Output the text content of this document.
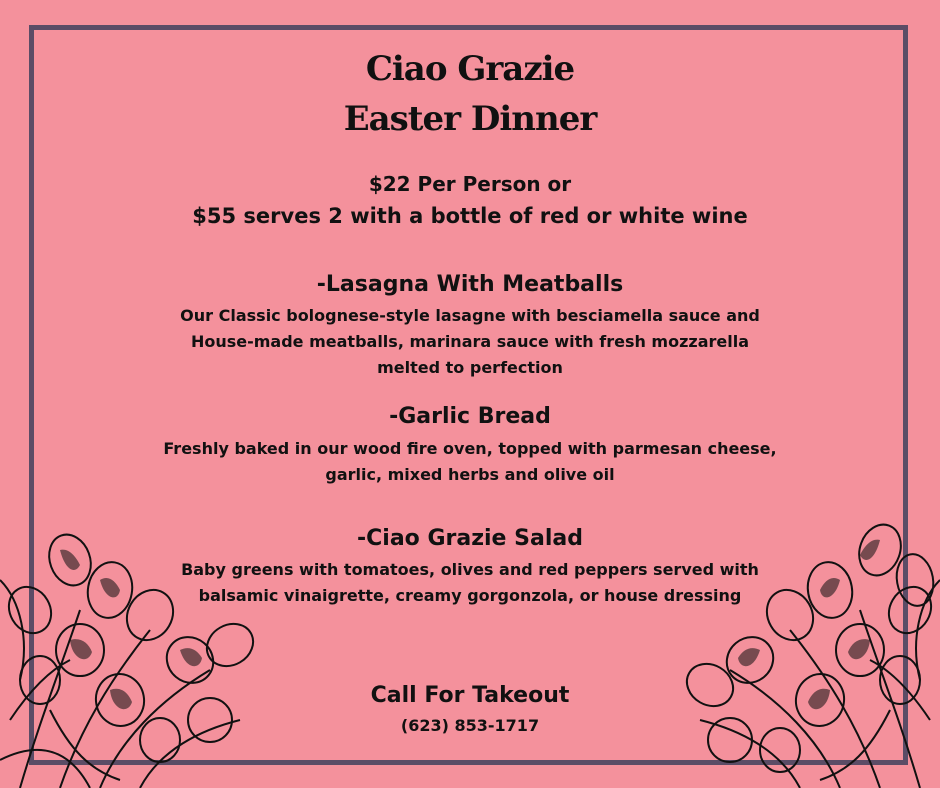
Ciao Grazie
Easter Dinner
$22 Per Person or
$55 serves 2 with a bottle of red or white wine
-Lasagna With Meatballs
Our Classic bolognese-style lasagne with besciamella sauce and
House-made meatballs, marinara sauce with fresh mozzarella
melted to perfection
-Garlic Bread
Freshly baked in our wood fire oven, topped with parmesan cheese,
garlic, mixed herbs and olive oil
-Ciao Grazie Salad
Baby greens with tomatoes, olives and red peppers served with
balsamic vinaigrette, creamy gorgonzola, or house dressing
Call For Takeout
(623) 853-1717
